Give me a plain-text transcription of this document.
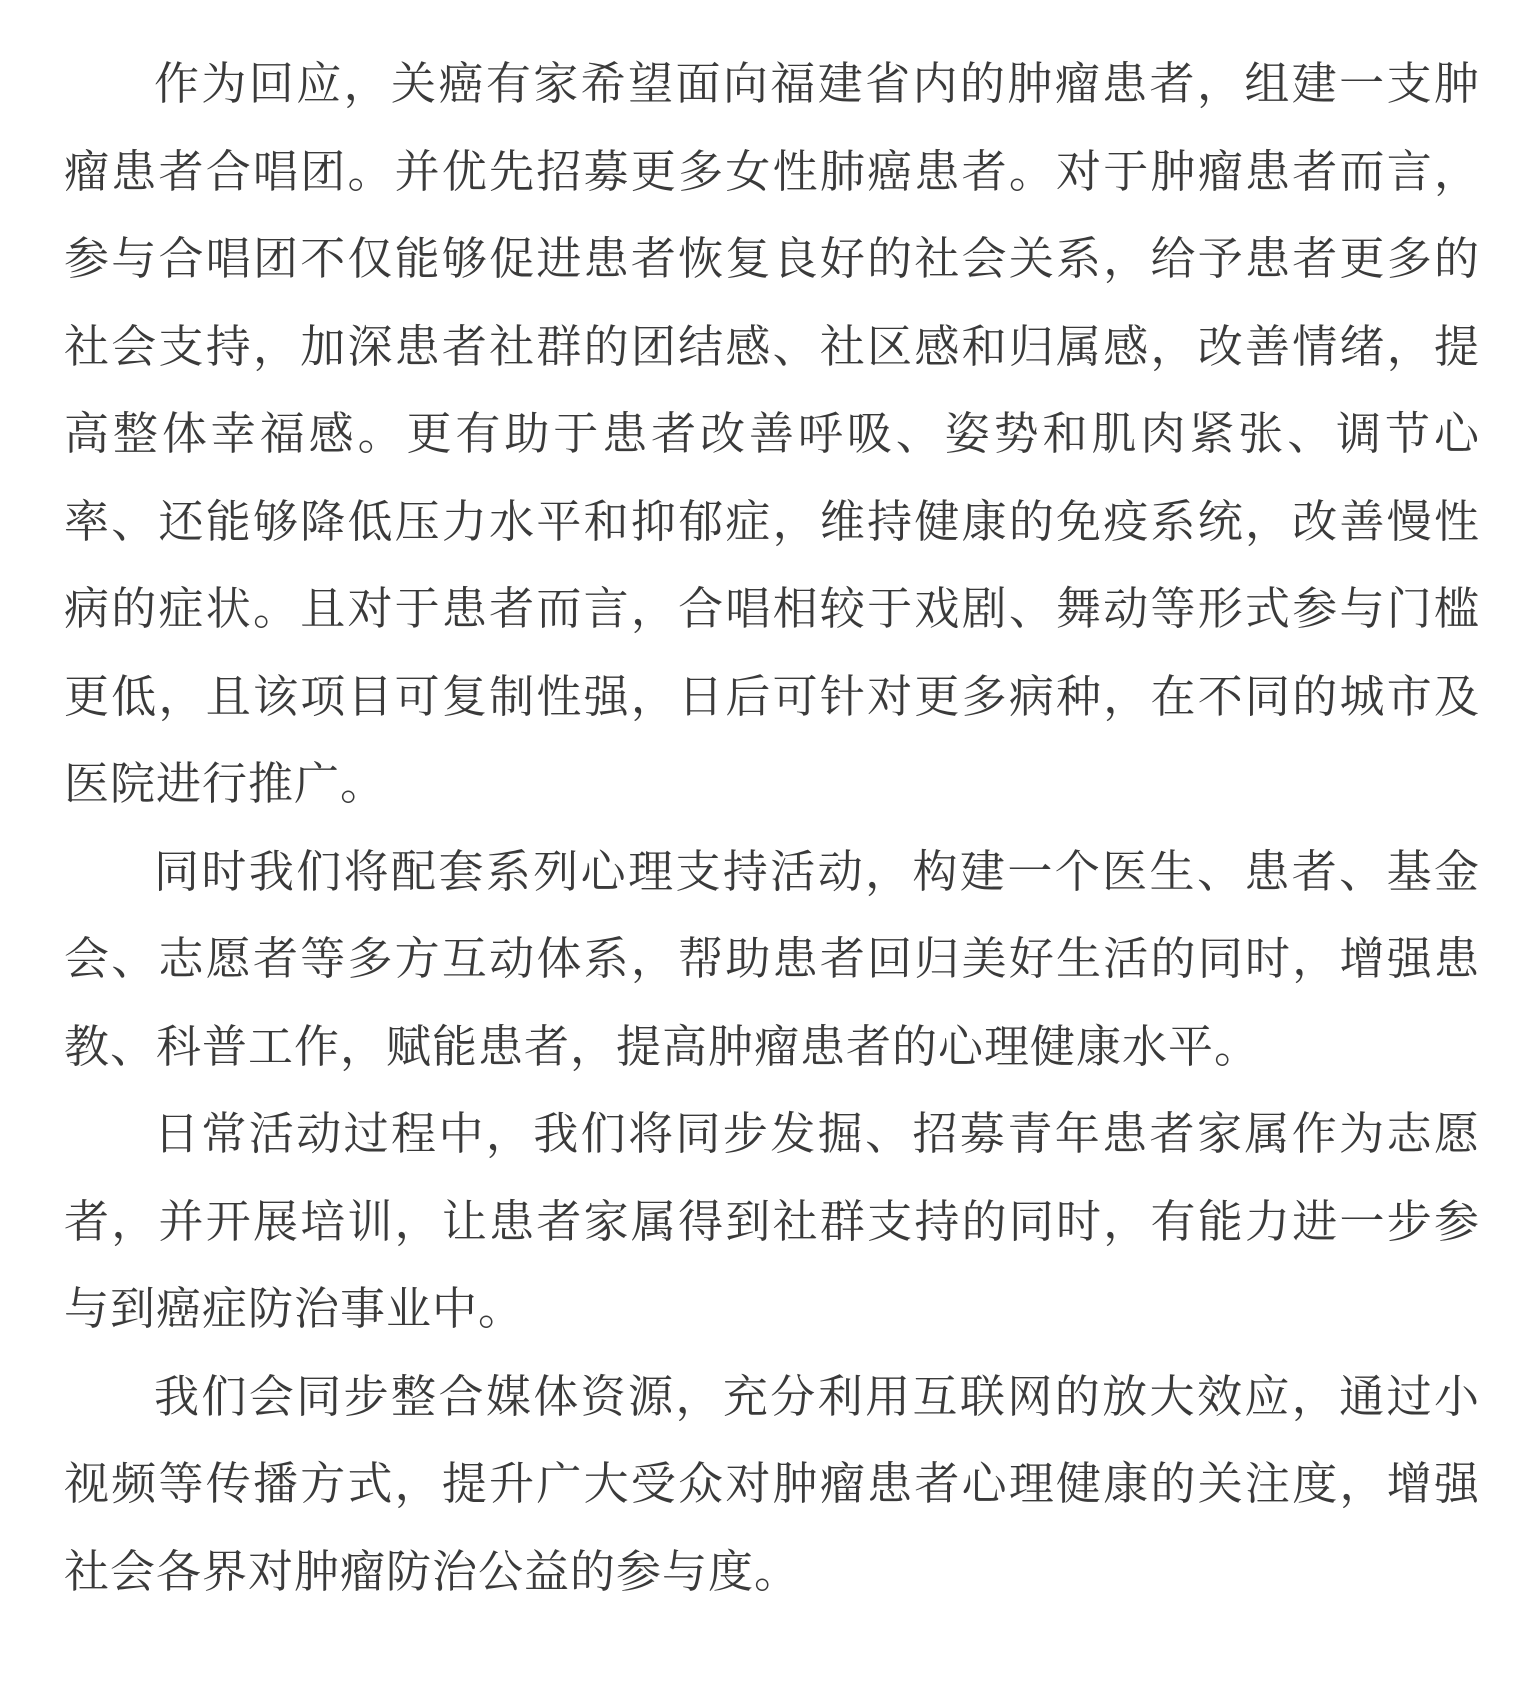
作为回应，关癌有家希望面向福建省内的肿瘤患者，组建一支肿瘤患者合唱团。并优先招募更多女性肺癌患者。对于肿瘤患者而言，参与合唱团不仅能够促进患者恢复良好的社会关系，给予患者更多的社会支持，加深患者社群的团结感、社区感和归属感，改善情绪，提高整体幸福感。更有助于患者改善呼吸、姿势和肌肉紧张、调节心率、还能够降低压力水平和抑郁症，维持健康的免疫系统，改善慢性病的症状。且对于患者而言，合唱相较于戏剧、舞动等形式参与门槛更低，且该项目可复制性强，日后可针对更多病种，在不同的城市及医院进行推广。

同时我们将配套系列心理支持活动，构建一个医生、患者、基金会、志愿者等多方互动体系，帮助患者回归美好生活的同时，增强患教、科普工作，赋能患者，提高肿瘤患者的心理健康水平。

日常活动过程中，我们将同步发掘、招募青年患者家属作为志愿者，并开展培训，让患者家属得到社群支持的同时，有能力进一步参与到癌症防治事业中。

我们会同步整合媒体资源，充分利用互联网的放大效应，通过小视频等传播方式，提升广大受众对肿瘤患者心理健康的关注度，增强社会各界对肿瘤防治公益的参与度。
